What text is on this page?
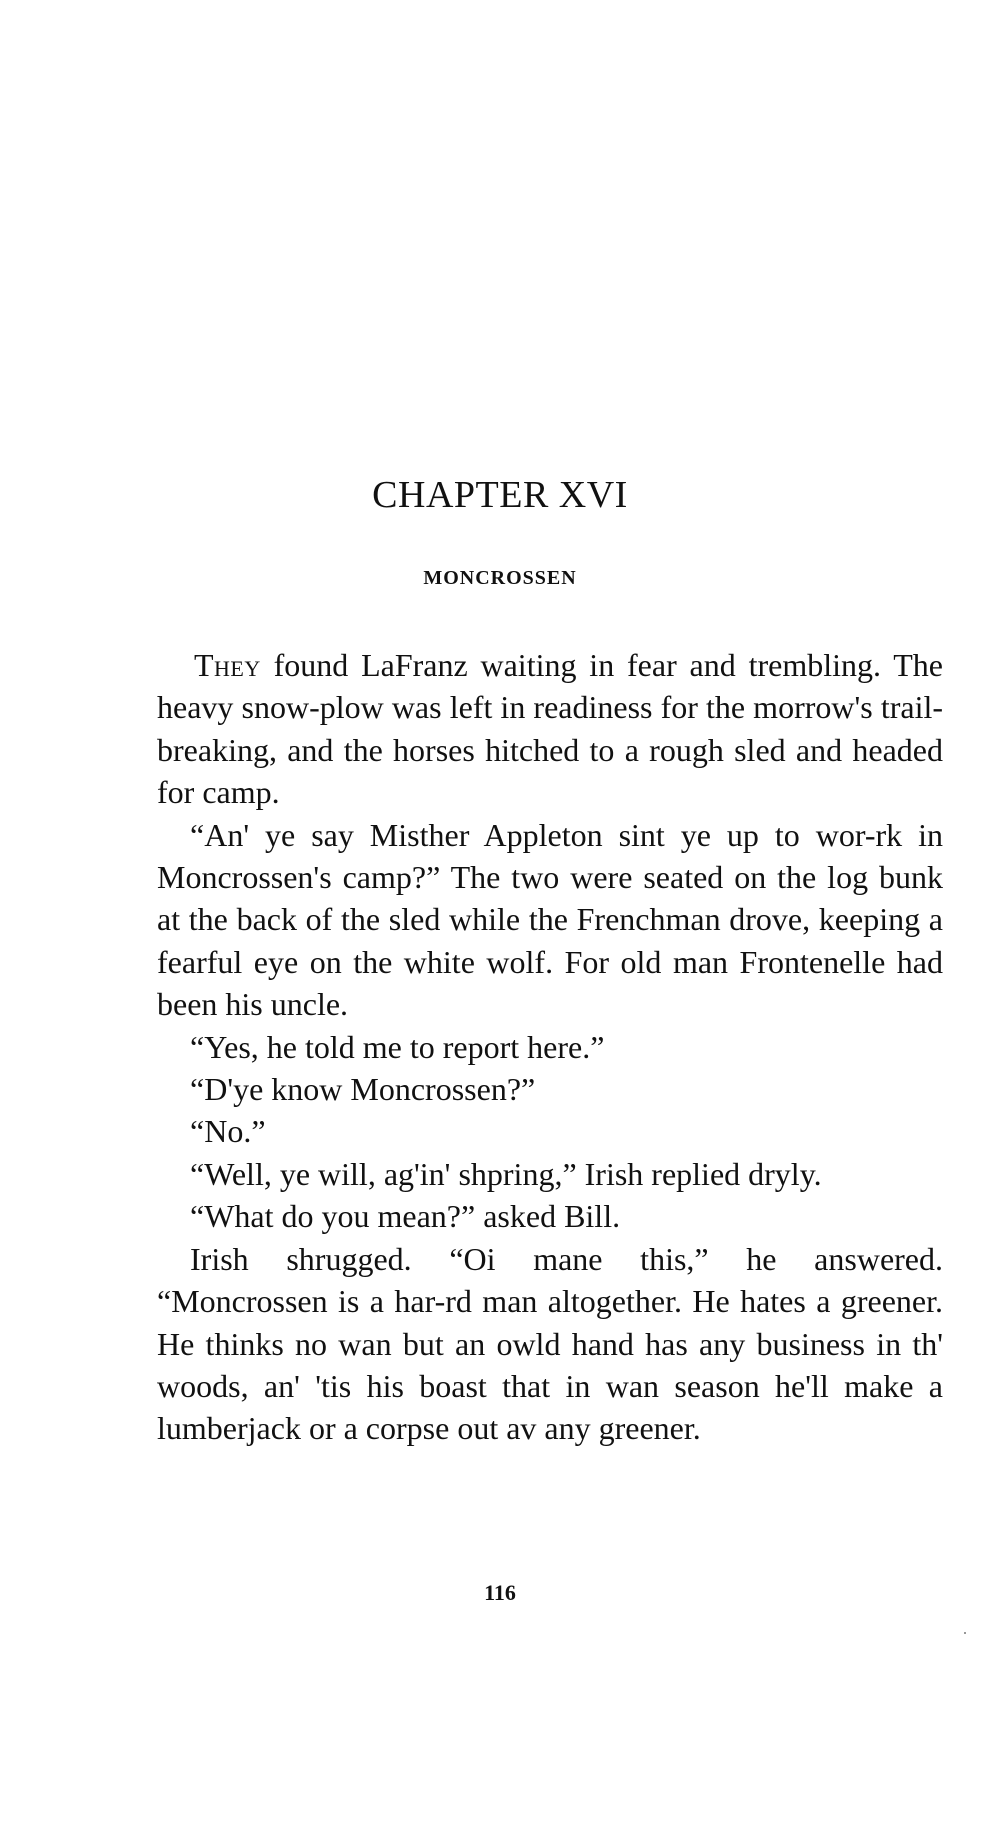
CHAPTER XVI
MONCROSSEN

They found LaFranz waiting in fear and trembling. The heavy snow-plow was left in readiness for the morrow's trail-breaking, and the horses hitched to a rough sled and headed for camp.

“An' ye say Misther Appleton sint ye up to wor-rk in Moncrossen's camp?” The two were seated on the log bunk at the back of the sled while the Frenchman drove, keeping a fearful eye on the white wolf. For old man Frontenelle had been his uncle.

“Yes, he told me to report here.”

“D'ye know Moncrossen?”

“No.”

“Well, ye will, ag'in' shpring,” Irish replied dryly.

“What do you mean?” asked Bill.

Irish shrugged. “Oi mane this,” he answered. “Moncrossen is a har-rd man altogether. He hates a greener. He thinks no wan but an owld hand has any business in th' woods, an' 'tis his boast that in wan season he'll make a lumberjack or a corpse out av any greener.

116
